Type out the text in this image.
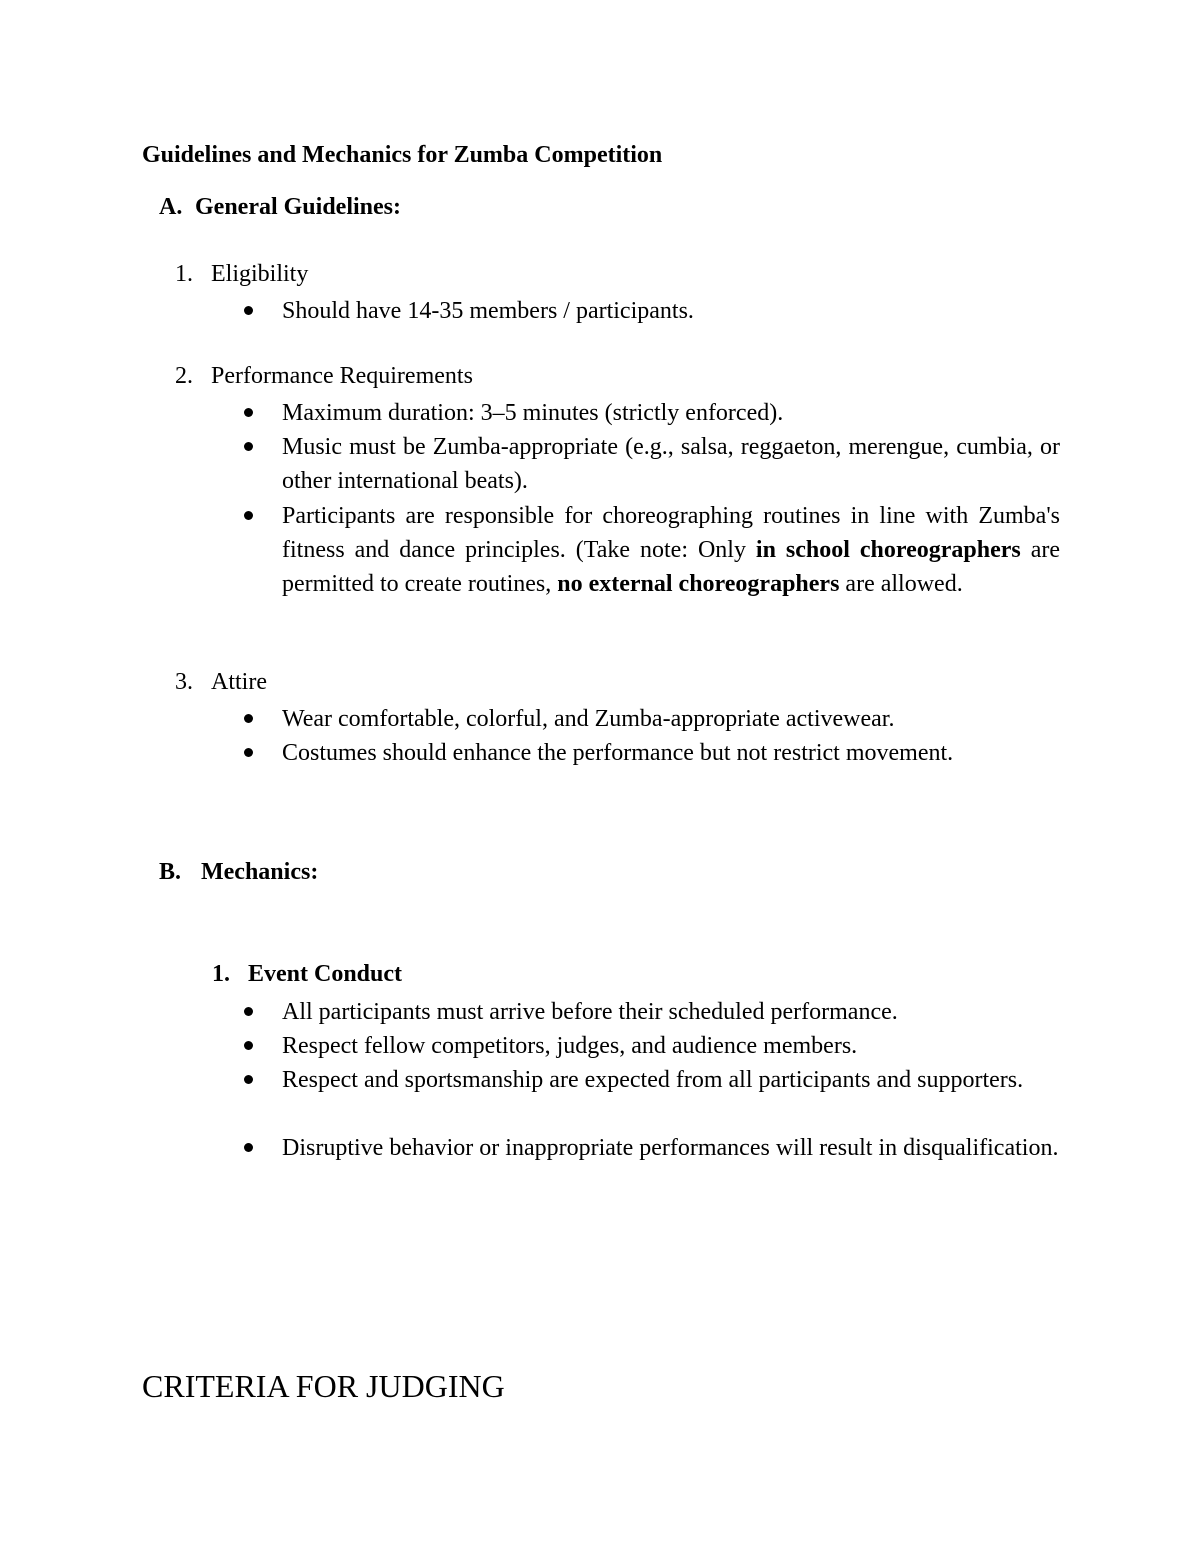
Guidelines and Mechanics for Zumba Competition
A. General Guidelines:
1. Eligibility
Should have 14-35 members / participants.
2. Performance Requirements
Maximum duration: 3–5 minutes (strictly enforced).
Music must be Zumba-appropriate (e.g., salsa, reggaeton, merengue, cumbia, or other international beats).
Participants are responsible for choreographing routines in line with Zumba's fitness and dance principles. (Take note: Only in school choreographers are permitted to create routines, no external choreographers are allowed.
3. Attire
Wear comfortable, colorful, and Zumba-appropriate activewear.
Costumes should enhance the performance but not restrict movement.
B. Mechanics:
1. Event Conduct
All participants must arrive before their scheduled performance.
Respect fellow competitors, judges, and audience members.
Respect and sportsmanship are expected from all participants and supporters.
Disruptive behavior or inappropriate performances will result in disqualification.
CRITERIA FOR JUDGING
